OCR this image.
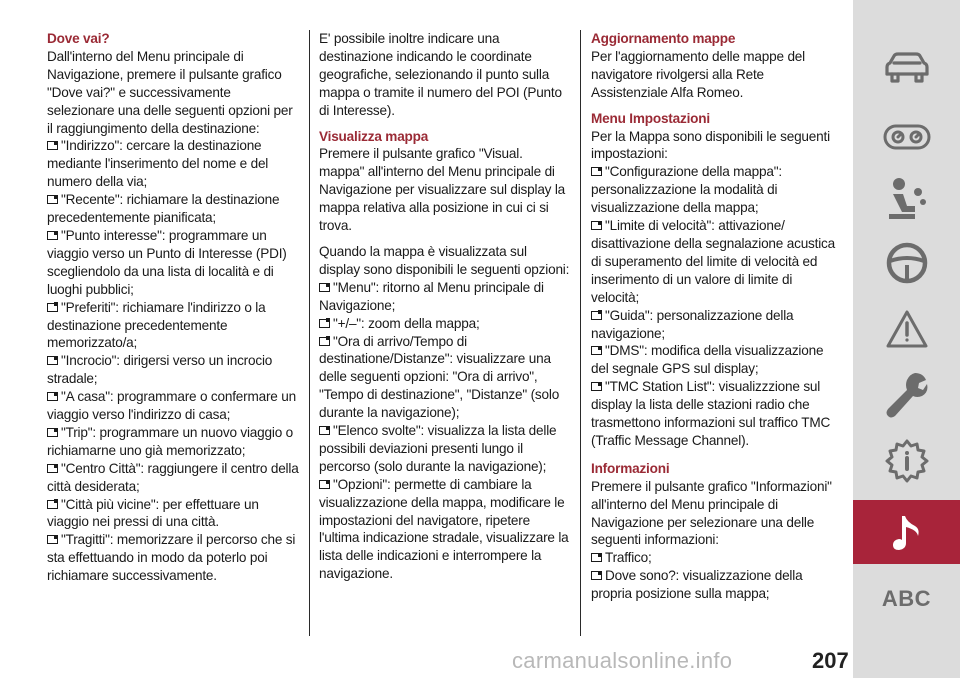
Dove vai?
Dall'interno del Menu principale di Navigazione, premere il pulsante grafico "Dove vai?" e successivamente selezionare una delle seguenti opzioni per il raggiungimento della destinazione:
"Indirizzo": cercare la destinazione mediante l'inserimento del nome e del numero della via;
"Recente": richiamare la destinazione precedentemente pianificata;
"Punto interesse": programmare un viaggio verso un Punto di Interesse (PDI) scegliendolo da una lista di località e di luoghi pubblici;
"Preferiti": richiamare l'indirizzo o la destinazione precedentemente memorizzato/a;
"Incrocio": dirigersi verso un incrocio stradale;
"A casa": programmare o confermare un viaggio verso l'indirizzo di casa;
"Trip": programmare un nuovo viaggio o richiamarne uno già memorizzato;
"Centro Città": raggiungere il centro della città desiderata;
"Città più vicine": per effettuare un viaggio nei pressi di una città.
"Tragitti": memorizzare il percorso che si sta effettuando in modo da poterlo poi richiamare successivamente.
E' possibile inoltre indicare una destinazione indicando le coordinate geografiche, selezionando il punto sulla mappa o tramite il numero del POI (Punto di Interesse).
Visualizza mappa
Premere il pulsante grafico "Visual. mappa" all'interno del Menu principale di Navigazione per visualizzare sul display la mappa relativa alla posizione in cui ci si trova.
Quando la mappa è visualizzata sul display sono disponibili le seguenti opzioni:
"Menu": ritorno al Menu principale di Navigazione;
"+/–": zoom della mappa;
"Ora di arrivo/Tempo di destinatione/Distanze": visualizzare una delle seguenti opzioni: "Ora di arrivo", "Tempo di destinazione", "Distanze" (solo durante la navigazione);
"Elenco svolte": visualizza la lista delle possibili deviazioni presenti lungo il percorso (solo durante la navigazione);
"Opzioni": permette di cambiare la visualizzazione della mappa, modificare le impostazioni del navigatore, ripetere l'ultima indicazione stradale, visualizzare la lista delle indicazioni e interrompere la navigazione.
Aggiornamento mappe
Per l'aggiornamento delle mappe del navigatore rivolgersi alla Rete Assistenziale Alfa Romeo.
Menu Impostazioni
Per la Mappa sono disponibili le seguenti impostazioni:
"Configurazione della mappa": personalizzazione la modalità di visualizzazione della mappa;
"Limite di velocità": attivazione/ disattivazione della segnalazione acustica di superamento del limite di velocità ed inserimento di un valore di limite di velocità;
"Guida": personalizzazione della navigazione;
"DMS": modifica della visualizzazione del segnale GPS sul display;
"TMC Station List": visualizzzione sul display la lista delle stazioni radio che trasmettono informazioni sul traffico TMC (Traffic Message Channel).
Informazioni
Premere il pulsante grafico "Informazioni" all'interno del Menu principale di Navigazione per selezionare una delle seguenti informazioni:
Traffico;
Dove sono?: visualizzazione della propria posizione sulla mappa;	ABC
carmanualsonline.info	207
